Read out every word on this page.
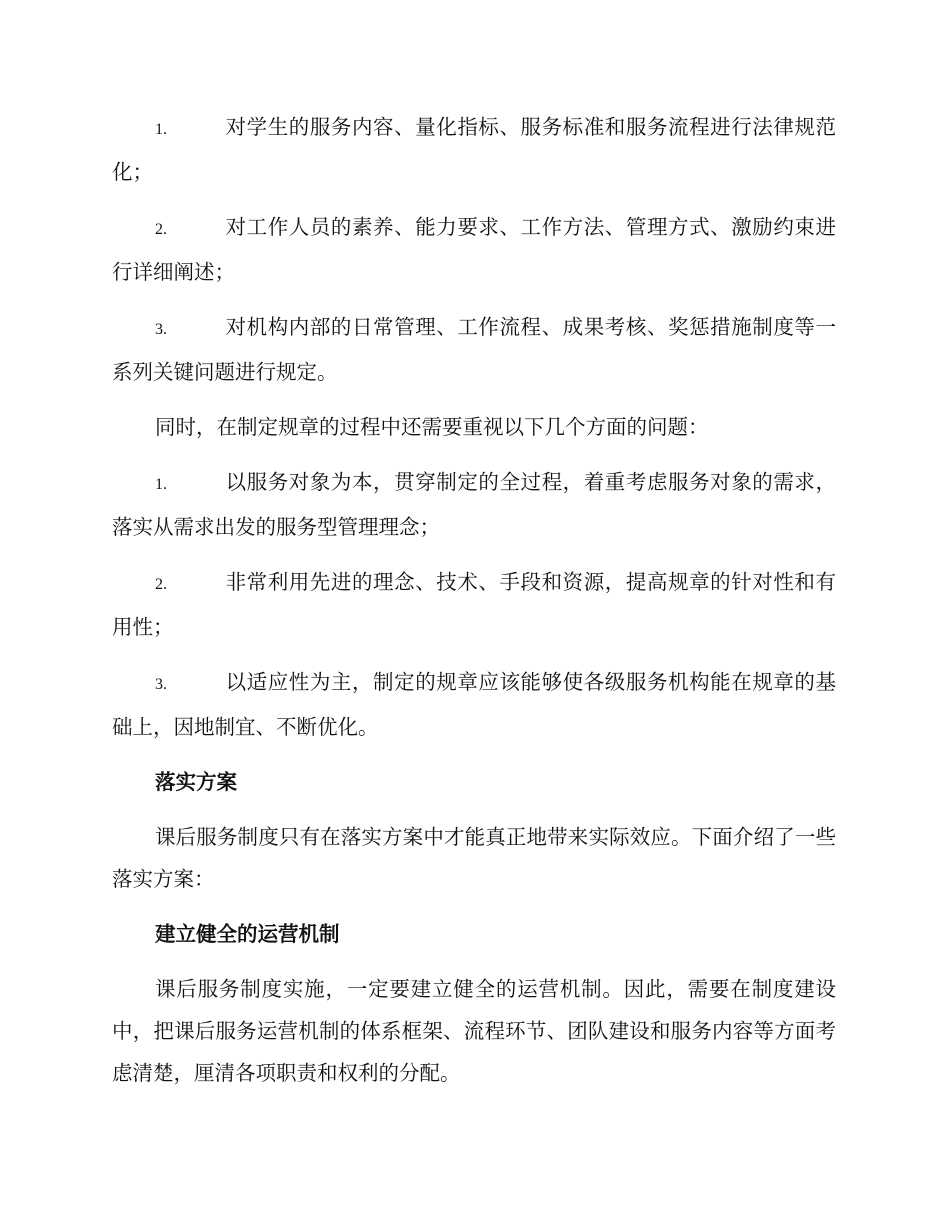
1.	对学生的服务内容、量化指标、服务标准和服务流程进行法律规范化；

2.	对工作人员的素养、能力要求、工作方法、管理方式、激励约束进行详细阐述；

3.	对机构内部的日常管理、工作流程、成果考核、奖惩措施制度等一系列关键问题进行规定。

同时，在制定规章的过程中还需要重视以下几个方面的问题：

1.	以服务对象为本，贯穿制定的全过程，着重考虑服务对象的需求，落实从需求出发的服务型管理理念；

2.	非常利用先进的理念、技术、手段和资源，提高规章的针对性和有用性；

3.	以适应性为主，制定的规章应该能够使各级服务机构能在规章的基础上，因地制宜、不断优化。

落实方案

课后服务制度只有在落实方案中才能真正地带来实际效应。下面介绍了一些落实方案：

建立健全的运营机制

课后服务制度实施，一定要建立健全的运营机制。因此，需要在制度建设中，把课后服务运营机制的体系框架、流程环节、团队建设和服务内容等方面考虑清楚，厘清各项职责和权利的分配。
